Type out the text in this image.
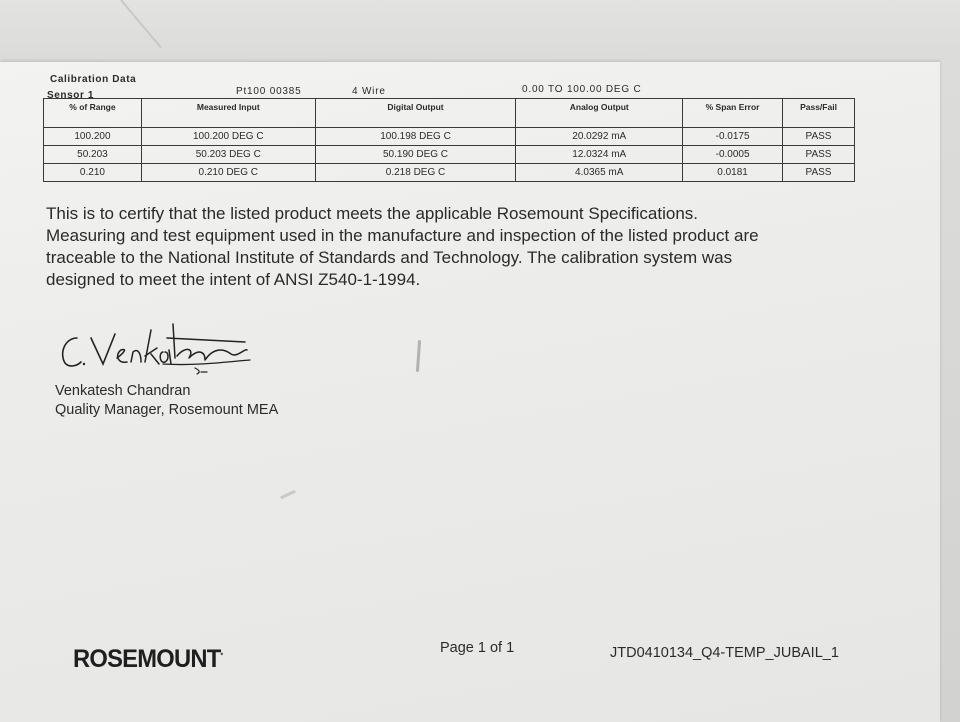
Calibration Data
Sensor 1	Pt100 00385	4 Wire	0.00 TO 100.00 DEG C
% of Range	Measured Input	Digital Output	Analog Output	% Span Error	Pass/Fail
100.200	100.200 DEG C	100.198 DEG C	20.0292 mA	-0.0175	PASS
50.203	50.203 DEG C	50.190 DEG C	12.0324 mA	-0.0005	PASS
0.210	0.210 DEG C	0.218 DEG C	4.0365 mA	0.0181	PASS
This is to certify that the listed product meets the applicable Rosemount Specifications.
Measuring and test equipment used in the manufacture and inspection of the listed product are
traceable to the National Institute of Standards and Technology. The calibration system was
designed to meet the intent of ANSI Z540-1-1994.
Venkatesh Chandran
Quality Manager, Rosemount MEA
ROSEMOUNT*
Page 1 of 1	JTD0410134_Q4-TEMP_JUBAIL_1
